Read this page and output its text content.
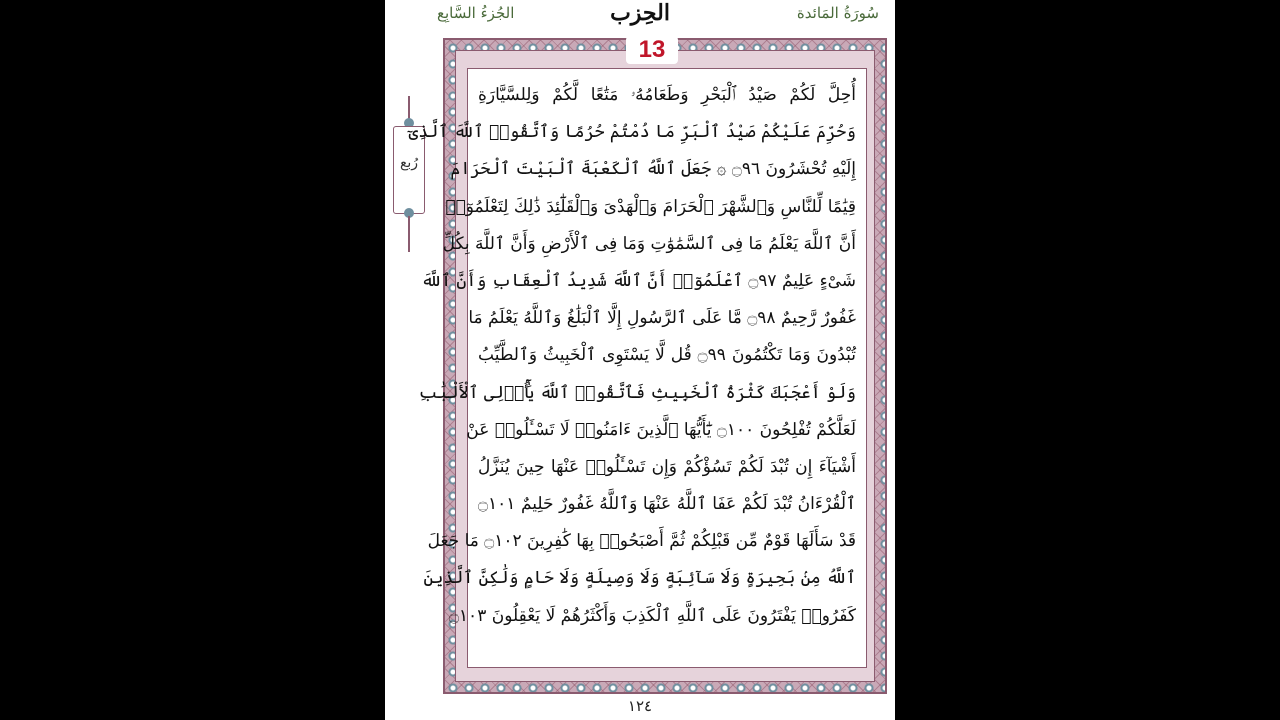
سُورَةُ المَائدة
الحِزب
الجُزءُ السَّابِع
رُبع
أُحِلَّ لَكُمْ صَيْدُ ٱلْبَحْرِ وَطَعَامُهُۥ مَتَٰعًا لَّكُمْ وَلِلسَّيَّارَةِ
وَحُرِّمَ عَلَيْكُمْ صَيْدُ ٱلْبَرِّ مَا دُمْتُمْ حُرُمًا وَٱتَّقُوا۟ ٱللَّهَ ٱلَّذِىٓ
إِلَيْهِ تُحْشَرُونَ ۝٩٦ ۞ جَعَلَ ٱللَّهُ ٱلْكَعْبَةَ ٱلْبَيْتَ ٱلْحَرَامَ
قِيَٰمًا لِّلنَّاسِ وَٱلشَّهْرَ ٱلْحَرَامَ وَٱلْهَدْىَ وَٱلْقَلَٰٓئِدَ ذَٰلِكَ لِتَعْلَمُوٓا۟
أَنَّ ٱللَّهَ يَعْلَمُ مَا فِى ٱلسَّمَٰوَٰتِ وَمَا فِى ٱلْأَرْضِ وَأَنَّ ٱللَّهَ بِكُلِّ
شَىْءٍ عَلِيمٌ ۝٩٧ ٱعْلَمُوٓا۟ أَنَّ ٱللَّهَ شَدِيدُ ٱلْعِقَابِ وَأَنَّ ٱللَّهَ
غَفُورٌ رَّحِيمٌ ۝٩٨ مَّا عَلَى ٱلرَّسُولِ إِلَّا ٱلْبَلَٰغُ وَٱللَّهُ يَعْلَمُ مَا
تُبْدُونَ وَمَا تَكْتُمُونَ ۝٩٩ قُل لَّا يَسْتَوِى ٱلْخَبِيثُ وَٱلطَّيِّبُ
وَلَوْ أَعْجَبَكَ كَثْرَةُ ٱلْخَبِيثِ فَٱتَّقُوا۟ ٱللَّهَ يَٰٓأُو۟لِى ٱلْأَلْبَٰبِ
لَعَلَّكُمْ تُفْلِحُونَ ۝١٠٠ يَٰٓأَيُّهَا ٱلَّذِينَ ءَامَنُوا۟ لَا تَسْـَٔلُوا۟ عَنْ
أَشْيَآءَ إِن تُبْدَ لَكُمْ تَسُؤْكُمْ وَإِن تَسْـَٔلُوا۟ عَنْهَا حِينَ يُنَزَّلُ
ٱلْقُرْءَانُ تُبْدَ لَكُمْ عَفَا ٱللَّهُ عَنْهَا وَٱللَّهُ غَفُورٌ حَلِيمٌ ۝١٠١
قَدْ سَأَلَهَا قَوْمٌ مِّن قَبْلِكُمْ ثُمَّ أَصْبَحُوا۟ بِهَا كَٰفِرِينَ ۝١٠٢ مَا جَعَلَ
ٱللَّهُ مِنۢ بَحِيرَةٍ وَلَا سَآئِبَةٍ وَلَا وَصِيلَةٍ وَلَا حَامٍ وَلَٰكِنَّ ٱلَّذِينَ
كَفَرُوا۟ يَفْتَرُونَ عَلَى ٱللَّهِ ٱلْكَذِبَ وَأَكْثَرُهُمْ لَا يَعْقِلُونَ ۝١٠٣
13
١٢٤
